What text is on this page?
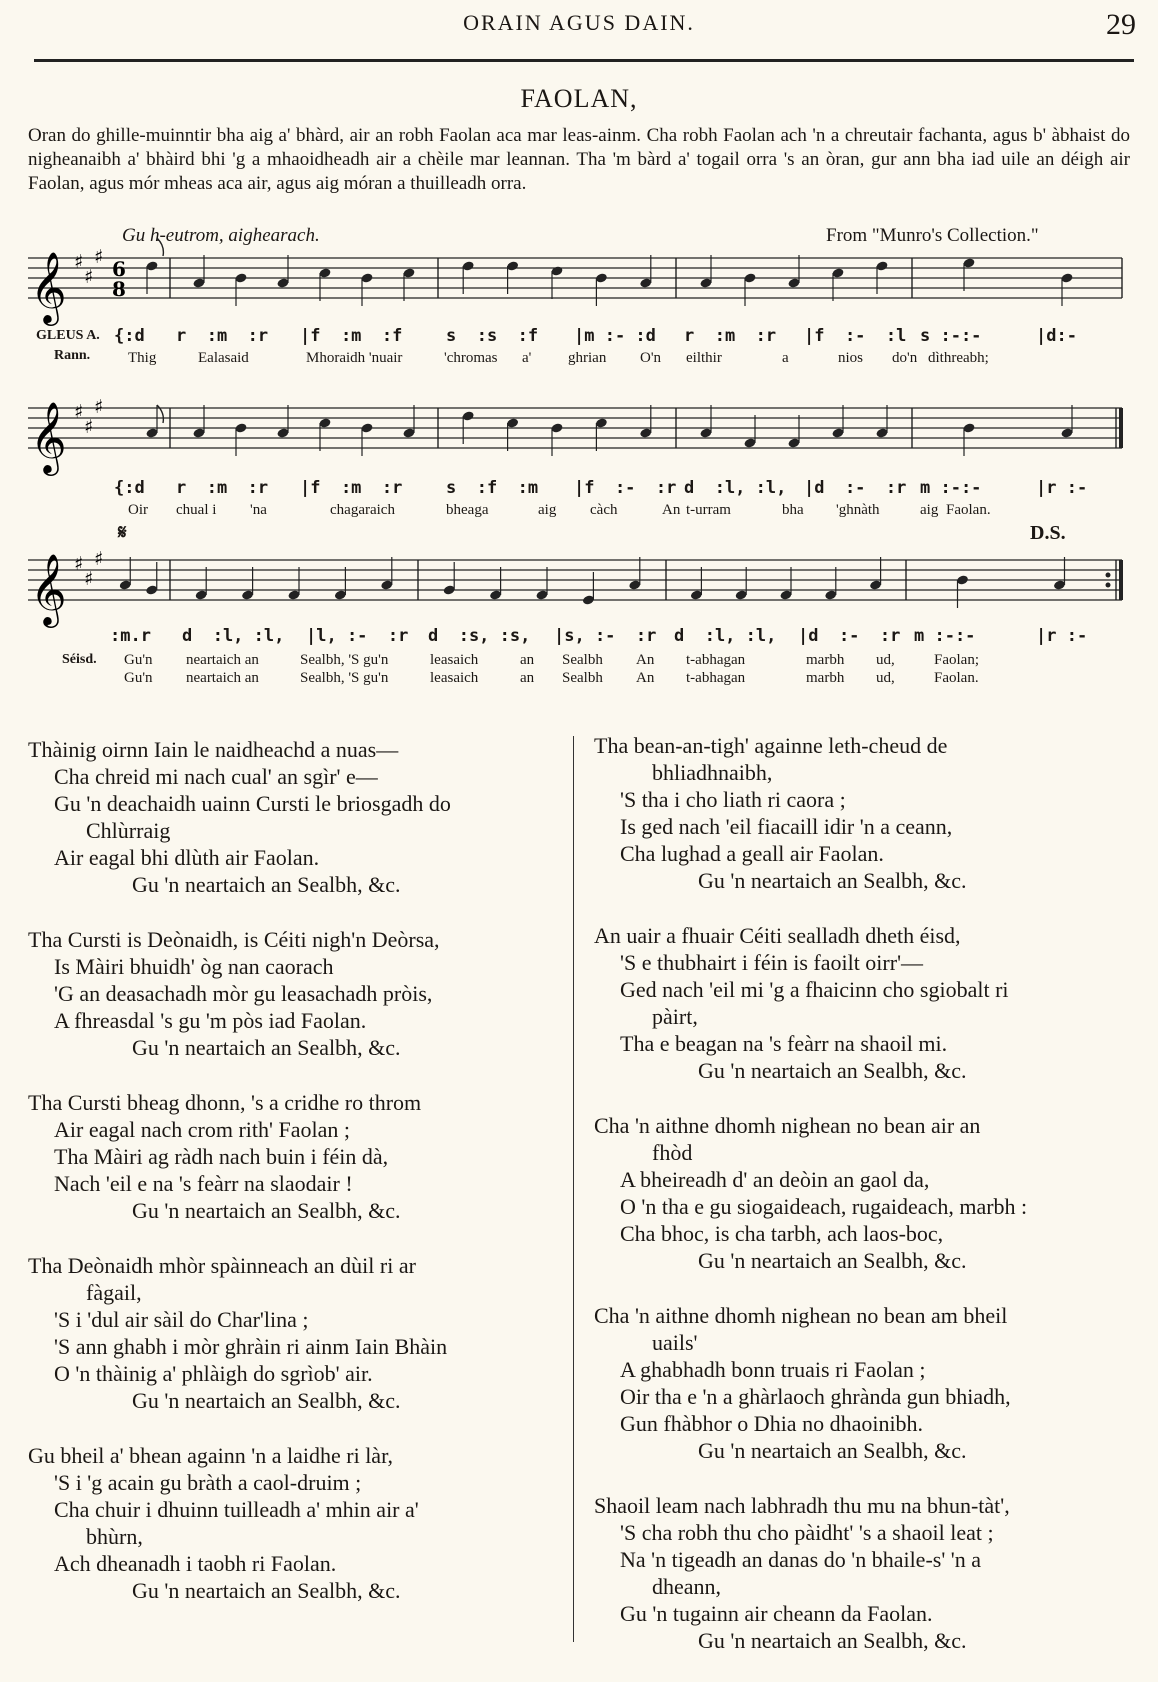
ORAIN AGUS DAIN.	29
FAOLAN,
Oran do ghille-muinntir bha aig a' bhàrd, air an robh Faolan aca mar leas-ainm. Cha robh Faolan ach 'n a chreutair fachanta, agus b' àbhaist do nigheanaibh a' bhàird bhi 'g a mhaoidheadh air a chèile mar leannan. Tha 'm bàrd a' togail orra 's an òran, gur ann bha iad uile an déigh air Faolan, agus mór mheas aca air, agus aig móran a thuilleadh orra.
Gu h-eutrom, aighearach.	From "Munro's Collection."
𝄞 ♯
♯
♯ 6
8
𝄞 ♯
♯
♯
𝄞 ♯
♯
♯
GLEUS A.
Rann.
Séisd.
𝄋	D.S.
{:d r  :m  :r |f  :m  :f	s  :s  :f |m :- :d r  :m  :r |f  :-  :l s :-:-	|d:-
Thig	Ealasaid	Mhoraidh 'nuair	'chromas a' ghrian O'n eilthir	a	nios do'n dìthreabh;
{:d r  :m  :r |f  :m  :r	s  :f  :m |f  :-  :r d  :l, :l, |d  :-  :r m :-:-	|r :-
Oir chual i 'na	chagaraich	bheaga	aig càch	An t-urram	bha 'ghnàth	aig Faolan.
:m.r d  :l, :l, |l, :-  :r d  :s, :s, |s, :-  :r d  :l, :l, |d  :-  :r m :-:-	|r :-
Gu'n neartaich an	Sealbh, 'S gu'n	leasaich	an Sealbh An t-abhagan	marbh ud,	Faolan;
Gu'n neartaich an	Sealbh, 'S gu'n	leasaich	an Sealbh An t-abhagan	marbh ud,	Faolan.
Thàinig oirnn Iain le naidheachd a nuas—
Cha chreid mi nach cual' an sgìr' e—
Gu 'n deachaidh uainn Cursti le briosgadh do
Chlùrraig
Air eagal bhi dlùth air Faolan.
Gu 'n neartaich an Sealbh, &c.
Tha Cursti is Deònaidh, is Céiti nigh'n Deòrsa,
Is Màiri bhuidh' òg nan caorach
'G an deasachadh mòr gu leasachadh pròis,
A fhreasdal 's gu 'm pòs iad Faolan.
Gu 'n neartaich an Sealbh, &c.
Tha Cursti bheag dhonn, 's a cridhe ro throm
Air eagal nach crom rith' Faolan ;
Tha Màiri ag ràdh nach buin i féin dà,
Nach 'eil e na 's feàrr na slaodair !
Gu 'n neartaich an Sealbh, &c.
Tha Deònaidh mhòr spàinneach an dùil ri ar
fàgail,
'S i 'dul air sàil do Char'lina ;
'S ann ghabh i mòr ghràin ri ainm Iain Bhàin
O 'n thàinig a' phlàigh do sgrìob' air.
Gu 'n neartaich an Sealbh, &c.
Gu bheil a' bhean againn 'n a laidhe ri làr,
'S i 'g acain gu bràth a caol-druim ;
Cha chuir i dhuinn tuilleadh a' mhin air a'
bhùrn,
Ach dheanadh i taobh ri Faolan.
Gu 'n neartaich an Sealbh, &c.
Tha bean-an-tigh' againne leth-cheud de
bhliadhnaibh,
'S tha i cho liath ri caora ;
Is ged nach 'eil fiacaill idir 'n a ceann,
Cha lughad a geall air Faolan.
Gu 'n neartaich an Sealbh, &c.
An uair a fhuair Céiti sealladh dheth éisd,
'S e thubhairt i féin is faoilt oirr'—
Ged nach 'eil mi 'g a fhaicinn cho sgiobalt ri
pàirt,
Tha e beagan na 's feàrr na shaoil mi.
Gu 'n neartaich an Sealbh, &c.
Cha 'n aithne dhomh nighean no bean air an
fhòd
A bheireadh d' an deòin an gaol da,
O 'n tha e gu siogaideach, rugaideach, marbh :
Cha bhoc, is cha tarbh, ach laos-boc,
Gu 'n neartaich an Sealbh, &c.
Cha 'n aithne dhomh nighean no bean am bheil
uails'
A ghabhadh bonn truais ri Faolan ;
Oir tha e 'n a ghàrlaoch ghrànda gun bhiadh,
Gun fhàbhor o Dhia no dhaoinibh.
Gu 'n neartaich an Sealbh, &c.
Shaoil leam nach labhradh thu mu na bhun-tàt',
'S cha robh thu cho pàidht' 's a shaoil leat ;
Na 'n tigeadh an danas do 'n bhaile-s' 'n a
dheann,
Gu 'n tugainn air cheann da Faolan.
Gu 'n neartaich an Sealbh, &c.
